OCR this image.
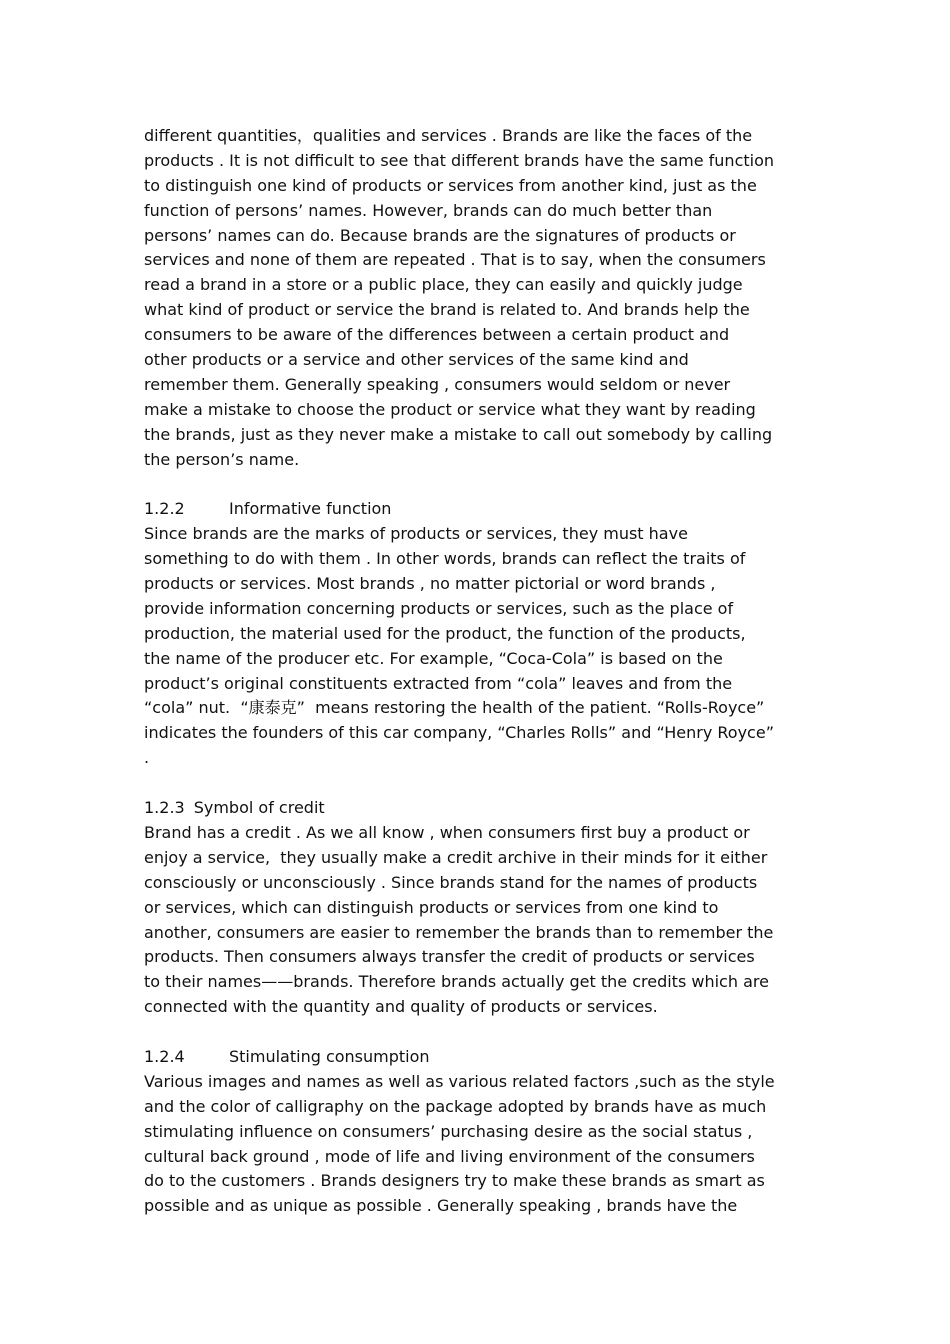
different quantities，qualities and services . Brands are like the faces of the
products . It is not difficult to see that different brands have the same function
to distinguish one kind of products or services from another kind, just as the
function of persons’ names. However, brands can do much better than
persons’ names can do. Because brands are the signatures of products or
services and none of them are repeated . That is to say, when the consumers
read a brand in a store or a public place, they can easily and quickly judge
what kind of product or service the brand is related to. And brands help the
consumers to be aware of the differences between a certain product and
other products or a service and other services of the same kind and
remember them. Generally speaking , consumers would seldom or never
make a mistake to choose the product or service what they want by reading
the brands, just as they never make a mistake to call out somebody by calling
the person’s name.
1.2.2	Informative function
Since brands are the marks of products or services, they must have
something to do with them . In other words, brands can reflect the traits of
products or services. Most brands , no matter pictorial or word brands ,
provide information concerning products or services, such as the place of
production, the material used for the product, the function of the products,
the name of the producer etc. For example, “Coca-Cola” is based on the
product’s original constituents extracted from “cola” leaves and from the
“cola” nut.  “康泰克”  means restoring the health of the patient. “Rolls-Royce”
indicates the founders of this car company, “Charles Rolls” and “Henry Royce”
.
1.2.3 Symbol of credit
Brand has a credit . As we all know , when consumers first buy a product or
enjoy a service,  they usually make a credit archive in their minds for it either
consciously or unconsciously . Since brands stand for the names of products
or services, which can distinguish products or services from one kind to
another, consumers are easier to remember the brands than to remember the
products. Then consumers always transfer the credit of products or services
to their names——brands. Therefore brands actually get the credits which are
connected with the quantity and quality of products or services.
1.2.4	Stimulating consumption
Various images and names as well as various related factors ,such as the style
and the color of calligraphy on the package adopted by brands have as much
stimulating influence on consumers’ purchasing desire as the social status ,
cultural back ground , mode of life and living environment of the consumers
do to the customers . Brands designers try to make these brands as smart as
possible and as unique as possible . Generally speaking , brands have the
